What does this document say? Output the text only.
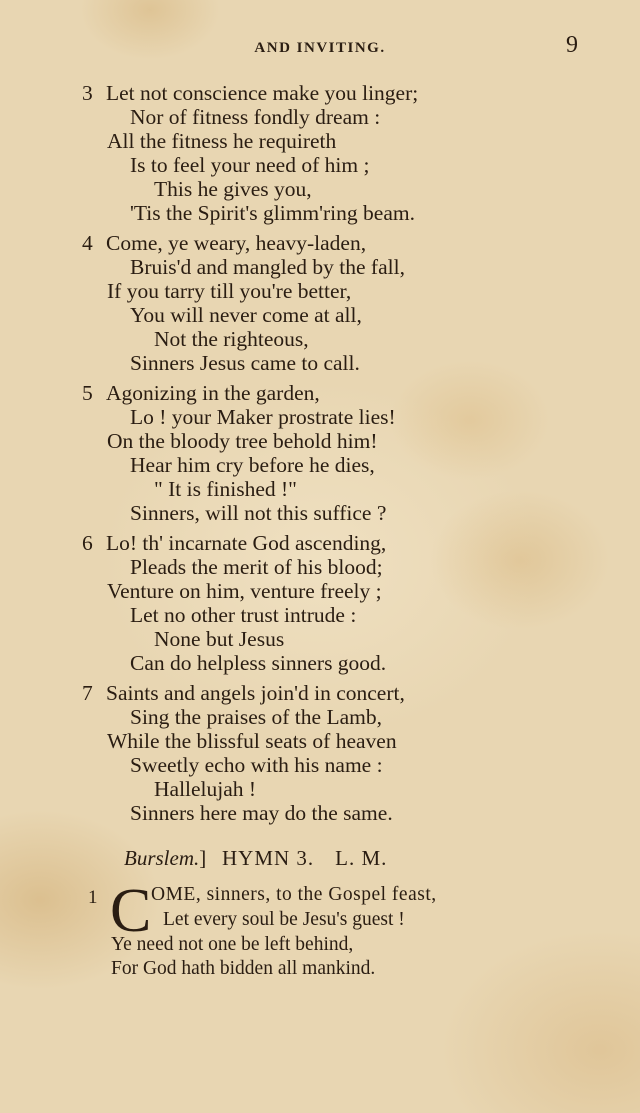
AND INVITING.	9
3 Let not conscience make you linger;
Nor of fitness fondly dream :
All the fitness he requireth
Is to feel your need of him ;
This he gives you,
'Tis the Spirit's glimm'ring beam.
4 Come, ye weary, heavy-laden,
Bruis'd and mangled by the fall,
If you tarry till you're better,
You will never come at all,
Not the righteous,
Sinners Jesus came to call.
5 Agonizing in the garden,
Lo ! your Maker prostrate lies!
On the bloody tree behold him!
Hear him cry before he dies,
" It is finished !"
Sinners, will not this suffice ?
6 Lo! th' incarnate God ascending,
Pleads the merit of his blood;
Venture on him, venture freely ;
Let no other trust intrude :
None but Jesus
Can do helpless sinners good.
7 Saints and angels join'd in concert,
Sing the praises of the Lamb,
While the blissful seats of heaven
Sweetly echo with his name :
Hallelujah !
Sinners here may do the same.
Burslem.] HYMN 3. L. M.
1 C OME, sinners, to the Gospel feast,
Let every soul be Jesu's guest !
Ye need not one be left behind,
For God hath bidden all mankind.
